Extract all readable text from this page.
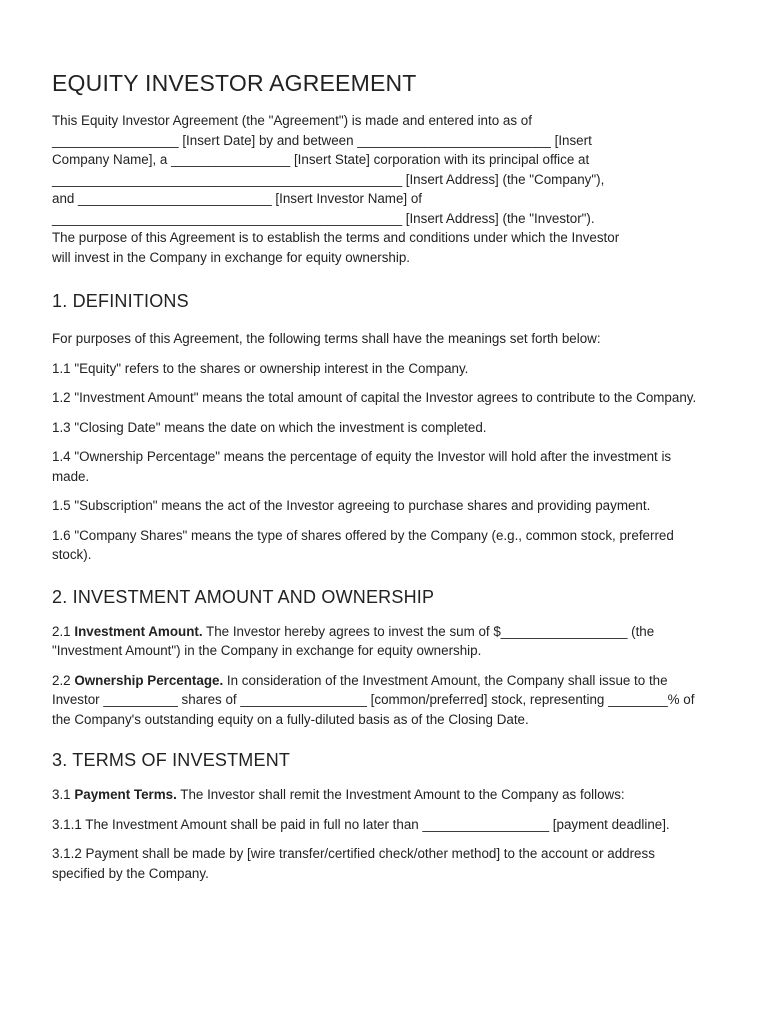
EQUITY INVESTOR AGREEMENT
This Equity Investor Agreement (the "Agreement") is made and entered into as of
_________________ [Insert Date] by and between __________________________ [Insert
Company Name], a ________________ [Insert State] corporation with its principal office at
_______________________________________________ [Insert Address] (the "Company"),
and __________________________ [Insert Investor Name] of
_______________________________________________ [Insert Address] (the "Investor").
The purpose of this Agreement is to establish the terms and conditions under which the Investor
will invest in the Company in exchange for equity ownership.
1. DEFINITIONS

For purposes of this Agreement, the following terms shall have the meanings set forth below:

1.1 "Equity" refers to the shares or ownership interest in the Company.

1.2 "Investment Amount" means the total amount of capital the Investor agrees to contribute to the Company.

1.3 "Closing Date" means the date on which the investment is completed.

1.4 "Ownership Percentage" means the percentage of equity the Investor will hold after the investment is made.

1.5 "Subscription" means the act of the Investor agreeing to purchase shares and providing payment.

1.6 "Company Shares" means the type of shares offered by the Company (e.g., common stock, preferred stock).

2. INVESTMENT AMOUNT AND OWNERSHIP

2.1 Investment Amount. The Investor hereby agrees to invest the sum of $_________________ (the "Investment Amount") in the Company in exchange for equity ownership.

2.2 Ownership Percentage. In consideration of the Investment Amount, the Company shall issue to the Investor __________ shares of _________________ [common/preferred] stock, representing ________% of the Company's outstanding equity on a fully-diluted basis as of the Closing Date.

3. TERMS OF INVESTMENT

3.1 Payment Terms. The Investor shall remit the Investment Amount to the Company as follows:

3.1.1 The Investment Amount shall be paid in full no later than _________________ [payment deadline].

3.1.2 Payment shall be made by [wire transfer/certified check/other method] to the account or address specified by the Company.
